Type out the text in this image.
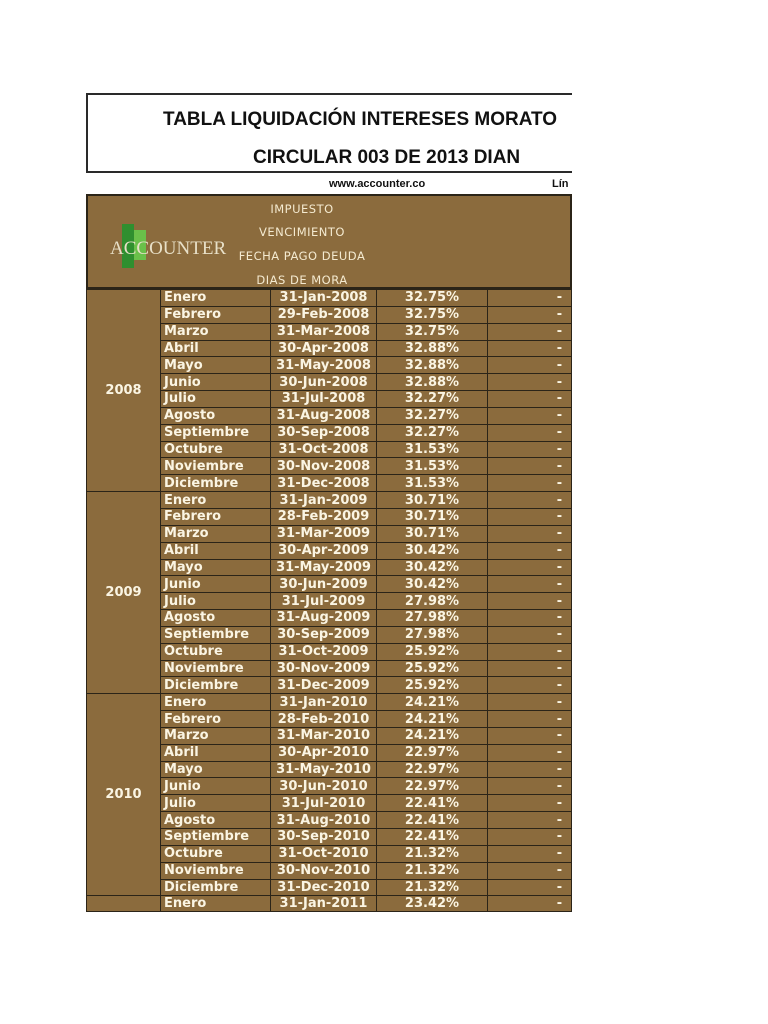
TABLA LIQUIDACIÓN INTERESES MORATO
CIRCULAR 003 DE 2013 DIAN
www.accounter.co	Lín
ACCOUNTER
IMPUESTO
VENCIMIENTO
FECHA PAGO DEUDA
DIAS DE MORA
2008	Enero	31-Jan-2008	32.75%	-
	Febrero	29-Feb-2008	32.75%	-
	Marzo	31-Mar-2008	32.75%	-
	Abril	30-Apr-2008	32.88%	-
	Mayo	31-May-2008	32.88%	-
	Junio	30-Jun-2008	32.88%	-
	Julio	31-Jul-2008	32.27%	-
	Agosto	31-Aug-2008	32.27%	-
	Septiembre	30-Sep-2008	32.27%	-
	Octubre	31-Oct-2008	31.53%	-
	Noviembre	30-Nov-2008	31.53%	-
	Diciembre	31-Dec-2008	31.53%	-
2009	Enero	31-Jan-2009	30.71%	-
	Febrero	28-Feb-2009	30.71%	-
	Marzo	31-Mar-2009	30.71%	-
	Abril	30-Apr-2009	30.42%	-
	Mayo	31-May-2009	30.42%	-
	Junio	30-Jun-2009	30.42%	-
	Julio	31-Jul-2009	27.98%	-
	Agosto	31-Aug-2009	27.98%	-
	Septiembre	30-Sep-2009	27.98%	-
	Octubre	31-Oct-2009	25.92%	-
	Noviembre	30-Nov-2009	25.92%	-
	Diciembre	31-Dec-2009	25.92%	-
2010	Enero	31-Jan-2010	24.21%	-
	Febrero	28-Feb-2010	24.21%	-
	Marzo	31-Mar-2010	24.21%	-
	Abril	30-Apr-2010	22.97%	-
	Mayo	31-May-2010	22.97%	-
	Junio	30-Jun-2010	22.97%	-
	Julio	31-Jul-2010	22.41%	-
	Agosto	31-Aug-2010	22.41%	-
	Septiembre	30-Sep-2010	22.41%	-
	Octubre	31-Oct-2010	21.32%	-
	Noviembre	30-Nov-2010	21.32%	-
	Diciembre	31-Dec-2010	21.32%	-
	Enero	31-Jan-2011	23.42%	-
